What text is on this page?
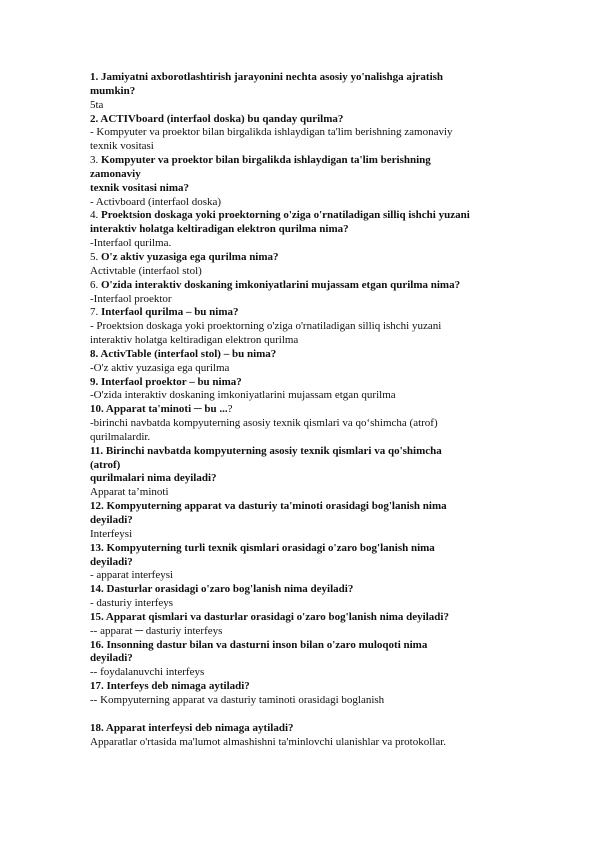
1. Jamiyatni axborotlashtirish jarayonini nechta asosiy yo'nalishga ajratish
mumkin?
5ta
2. ACTIVboard (interfaol doska) bu qanday qurilma?
- Kompyuter va proektor bilan birgalikda ishlaydigan ta'lim berishning zamonaviy
texnik vositasi
3. Kompyuter va proektor bilan birgalikda ishlaydigan ta'lim berishning
zamonaviy
texnik vositasi nima?
- Activboard (interfaol doska)
4. Proektsion doskaga yoki proektorning o'ziga o'rnatiladigan silliq ishchi yuzani
interaktiv holatga keltiradigan elektron qurilma nima?
-Interfaol qurilma.
5. O'z aktiv yuzasiga ega qurilma nima?
Activtable (interfaol stol)
6. O'zida interaktiv doskaning imkoniyatlarini mujassam etgan qurilma nima?
-Interfaol proektor
7. Interfaol qurilma – bu nima?
- Proektsion doskaga yoki proektorning o'ziga o'rnatiladigan silliq ishchi yuzani
interaktiv holatga keltiradigan elektron qurilma
8. ActivTable (interfaol stol) – bu nima?
-O'z aktiv yuzasiga ega qurilma
9. Interfaol proektor – bu nima?
-O'zida interaktiv doskaning imkoniyatlarini mujassam etgan qurilma
10. Apparat ta'minoti ─ bu ...?
-birinchi navbatda kompyuterning asosiy texnik qismlari va qo‘shimcha (atrof)
qurilmalardir.
11. Birinchi navbatda kompyuterning asosiy texnik qismlari va qo'shimcha
(atrof)
qurilmalari nima deyiladi?
Apparat ta’minoti
12. Kompyuterning apparat va dasturiy ta'minoti orasidagi bog'lanish nima
deyiladi?
Interfeysi
13. Kompyuterning turli texnik qismlari orasidagi o'zaro bog'lanish nima
deyiladi?
- apparat interfeysi
14. Dasturlar orasidagi o'zaro bog'lanish nima deyiladi?
- dasturiy interfeys
15. Apparat qismlari va dasturlar orasidagi o'zaro bog'lanish nima deyiladi?
-- apparat ─ dasturiy interfeys
16. Insonning dastur bilan va dasturni inson bilan o'zaro muloqoti nima
deyiladi?
-- foydalanuvchi interfeys
17. Interfeys deb nimaga aytiladi?
-- Kompyuterning apparat va dasturiy taminoti orasidagi boglanish
18. Apparat interfeysi deb nimaga aytiladi?
Apparatlar o'rtasida ma'lumot almashishni ta'minlovchi ulanishlar va protokollar.
